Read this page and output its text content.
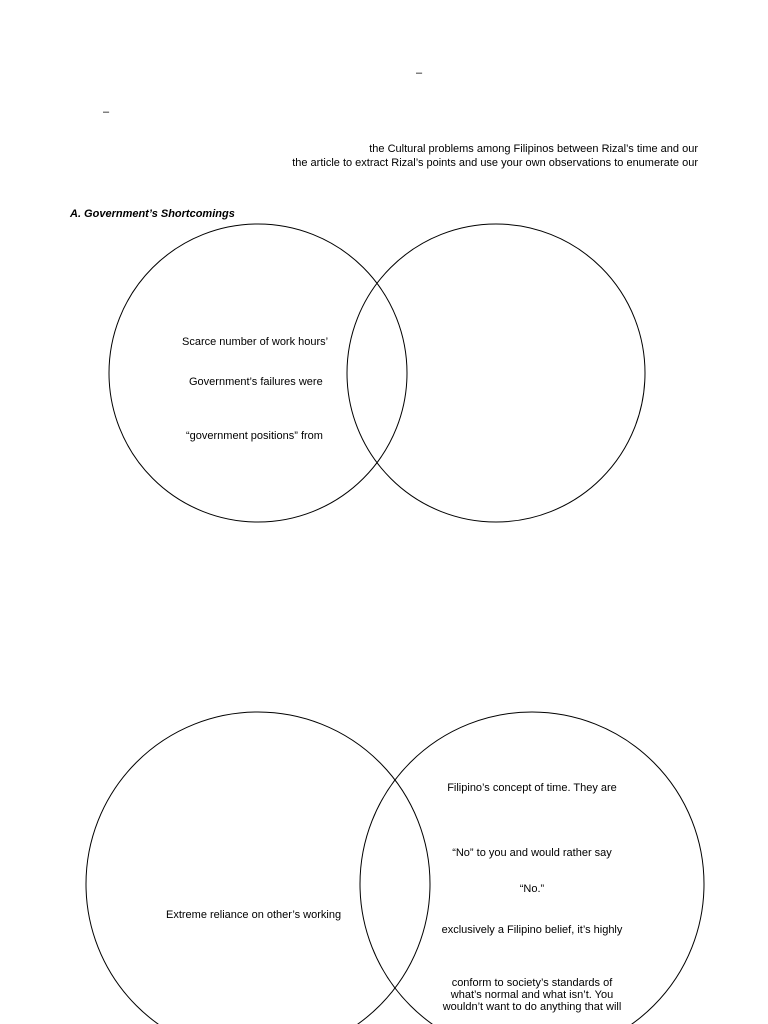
–
–
the Cultural problems among Filipinos between Rizal’s time and our
the article to extract Rizal’s points and use your own observations to enumerate our
A. Government’s Shortcomings
Scarce number of work hours’
Government’s failures were
“government positions” from
Extreme reliance on other’s working
Filipino’s concept of time. They are
“No” to you and would rather say
“No.”
exclusively a Filipino belief, it’s highly
conform to society’s standards of
what’s normal and what isn’t. You
wouldn’t want to do anything that will
